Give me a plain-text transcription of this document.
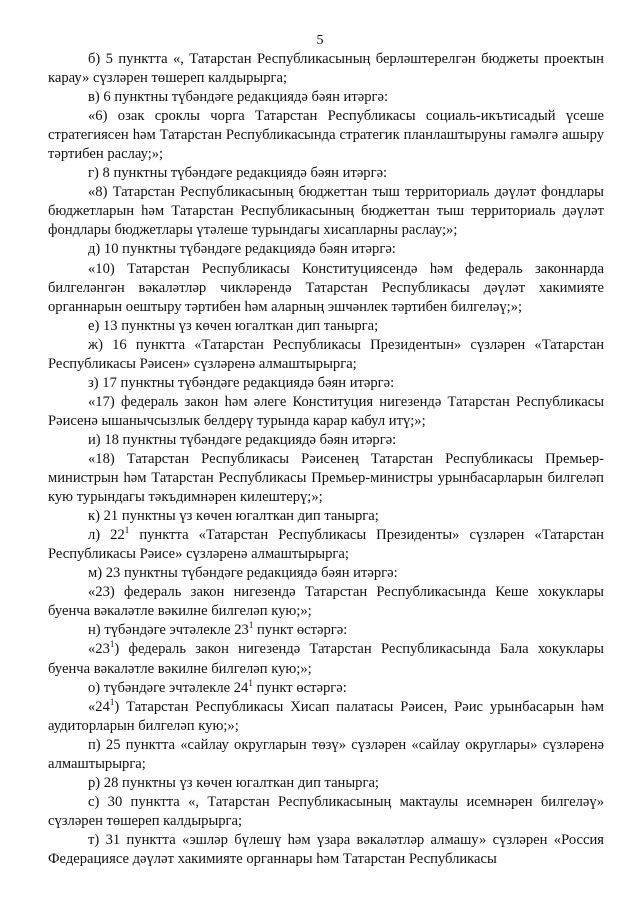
5

б) 5 пунктта «, Татарстан Республикасының берләштерелгән бюджеты проектын карау» сүзләрен төшереп калдырырга;

в) 6 пунктны түбәндәге редакциядә бәян итәргә:

«6) озак сроклы чорга Татарстан Республикасы социаль-икътисадый үсеше стратегиясен һәм Татарстан Республикасында стратегик планлаштыруны гамәлгә ашыру тәртибен раслау;»;

г) 8 пунктны түбәндәге редакциядә бәян итәргә:

«8) Татарстан Республикасының бюджеттан тыш территориаль дәүләт фондлары бюджетларын һәм Татарстан Республикасының бюджеттан тыш территориаль дәүләт фондлары бюджетлары үтәлеше турындагы хисапларны раслау;»;

д) 10 пунктны түбәндәге редакциядә бәян итәргә:

«10) Татарстан Республикасы Конституциясендә һәм федераль законнарда билгеләнгән вәкаләтләр чикләрендә Татарстан Республикасы дәүләт хакимияте органнарын оештыру тәртибен һәм аларның эшчәнлек тәртибен билгеләү;»;

е) 13 пунктны үз көчен югалткан дип танырга;

ж) 16 пунктта «Татарстан Республикасы Президентын» сүзләрен «Татарстан Республикасы Рәисен» сүзләренә алмаштырырга;

з) 17 пунктны түбәндәге редакциядә бәян итәргә:

«17) федераль закон һәм әлеге Конституция нигезендә Татарстан Республикасы Рәисенә ышанычсызлык белдерү турында карар кабул итү;»;

и) 18 пунктны түбәндәге редакциядә бәян итәргә:

«18) Татарстан Республикасы Рәисенең Татарстан Республикасы Премьер-министрын һәм Татарстан Республикасы Премьер-министры урынбасарларын билгеләп кую турындагы тәкъдимнәрен килештерү;»;

к) 21 пунктны үз көчен югалткан дип танырга;

л) $22^1$ пунктта «Татарстан Республикасы Президенты» сүзләрен «Татарстан Республикасы Рәисе» сүзләренә алмаштырырга;

м) 23 пунктны түбәндәге редакциядә бәян итәргә:

«23) федераль закон нигезендә Татарстан Республикасында Кеше хокуклары буенча вәкаләтле вәкилне билгеләп кую;»;

н) түбәндәге эчтәлекле $23^1$ пункт өстәргә:

«$23^1$) федераль закон нигезендә Татарстан Республикасында Бала хокуклары буенча вәкаләтле вәкилне билгеләп кую;»;

о) түбәндәге эчтәлекле $24^1$ пункт өстәргә:

«$24^1$) Татарстан Республикасы Хисап палатасы Рәисен, Рәис урынбасарын һәм аудиторларын билгеләп кую;»;

п) 25 пунктта «сайлау округларын төзү» сүзләрен «сайлау округлары» сүзләренә алмаштырырга;

р) 28 пунктны үз көчен югалткан дип танырга;

с) 30 пунктта «, Татарстан Республикасының мактаулы исемнәрен билгеләү» сүзләрен төшереп калдырырга;

т) 31 пунктта «эшләр бүлешү һәм үзара вәкаләтләр алмашу» сүзләрен «Россия Федерациясе дәүләт хакимияте органнары һәм Татарстан Республикасы
